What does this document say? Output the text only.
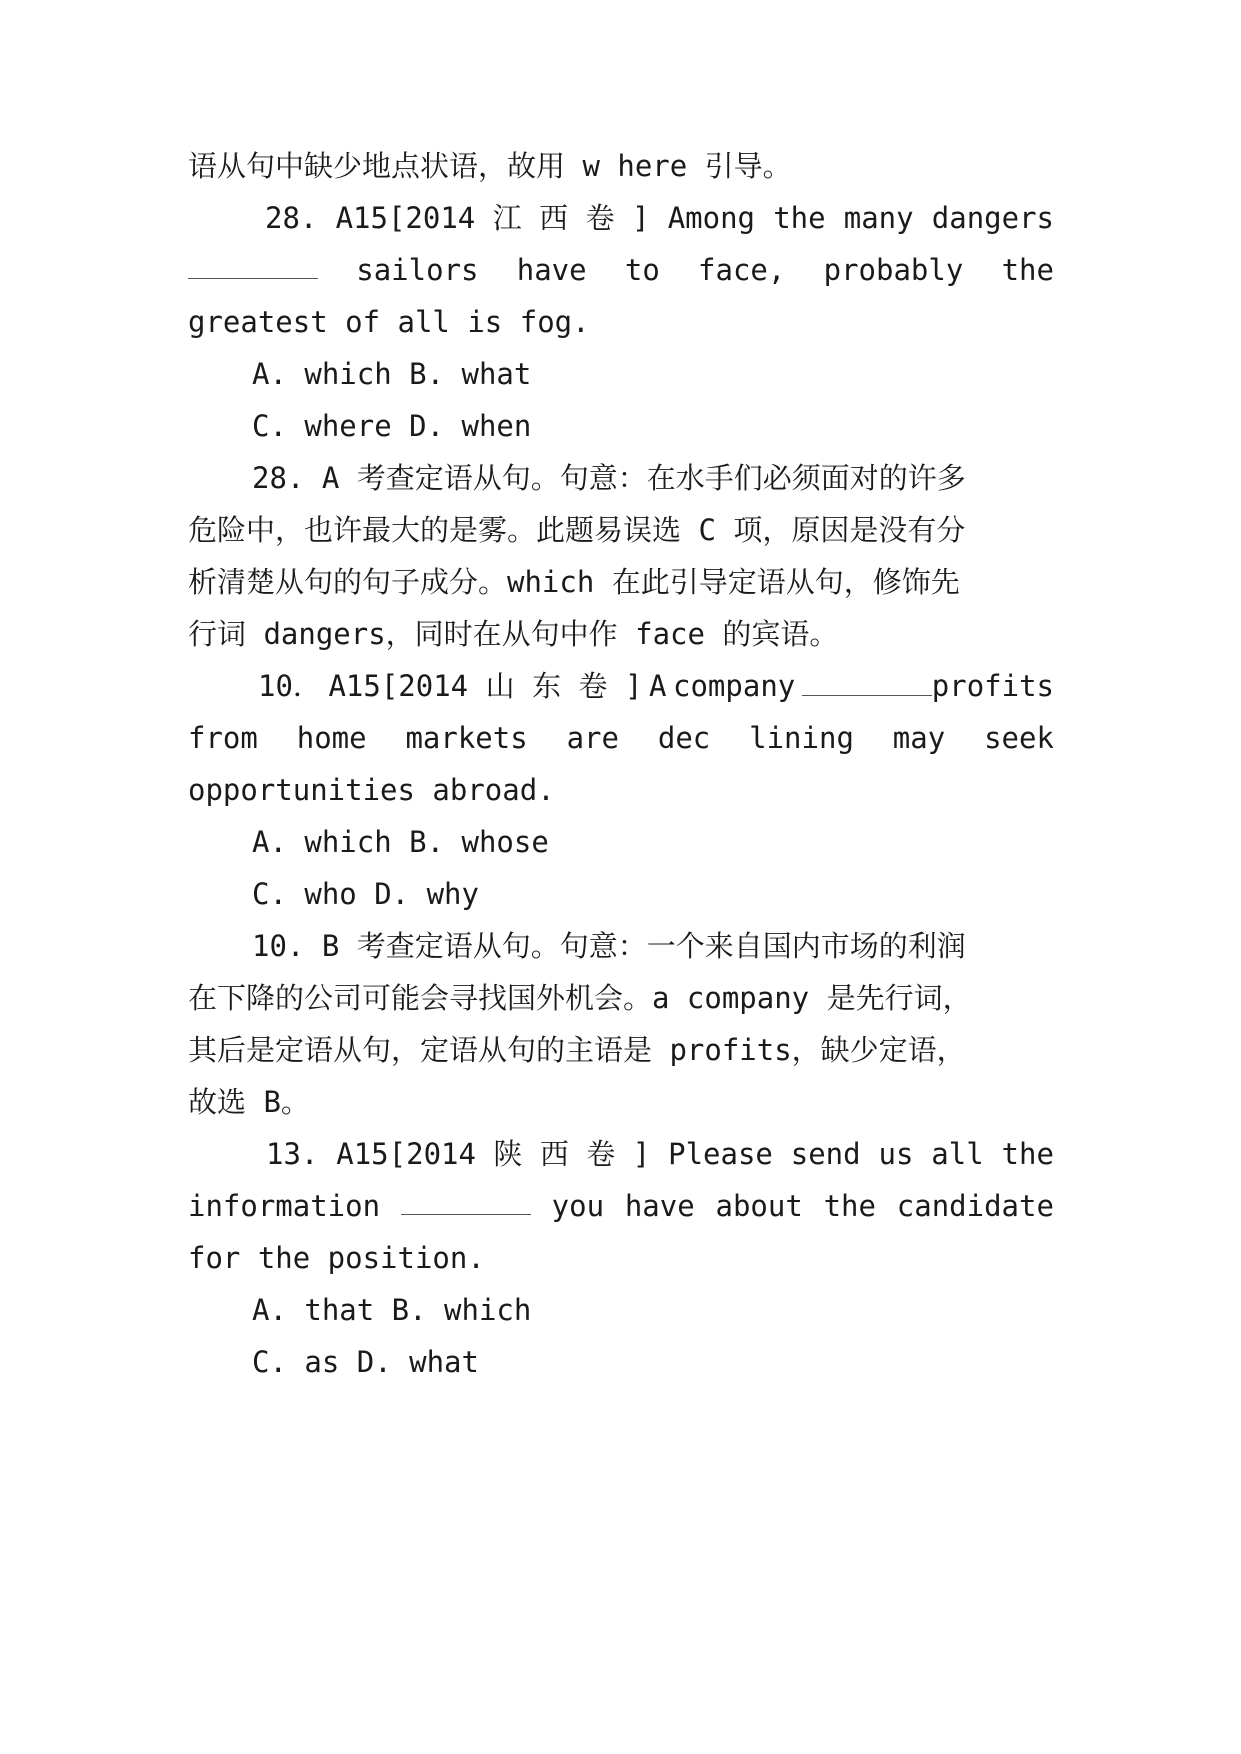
语从句中缺少地点状语，故用 w here 引导。
28. A15[2014 江 西 卷 ] Among the many dangers
sailors have to face, probably the
greatest of all is fog.
A. which B. what
C. where D. when
28. A 考查定语从句。句意：在水手们必须面对的许多
危险中，也许最大的是雾。此题易误选 C 项，原因是没有分
析清楚从句的句子成分。which 在此引导定语从句，修饰先
行词 dangers，同时在从句中作 face 的宾语。
10． A15[2014 山 东 卷 ] A company	profits
from home markets are dec lining may seek
opportunities abroad.
A. which B. whose
C. who D. why
10. B 考查定语从句。句意：一个来自国内市场的利润
在下降的公司可能会寻找国外机会。a company 是先行词，
其后是定语从句，定语从句的主语是 profits，缺少定语，
故选 B。
13. A15[2014 陕 西 卷 ] Please send us all the
information	you have about the candidate
for the position.
A. that B. which
C. as D. what
